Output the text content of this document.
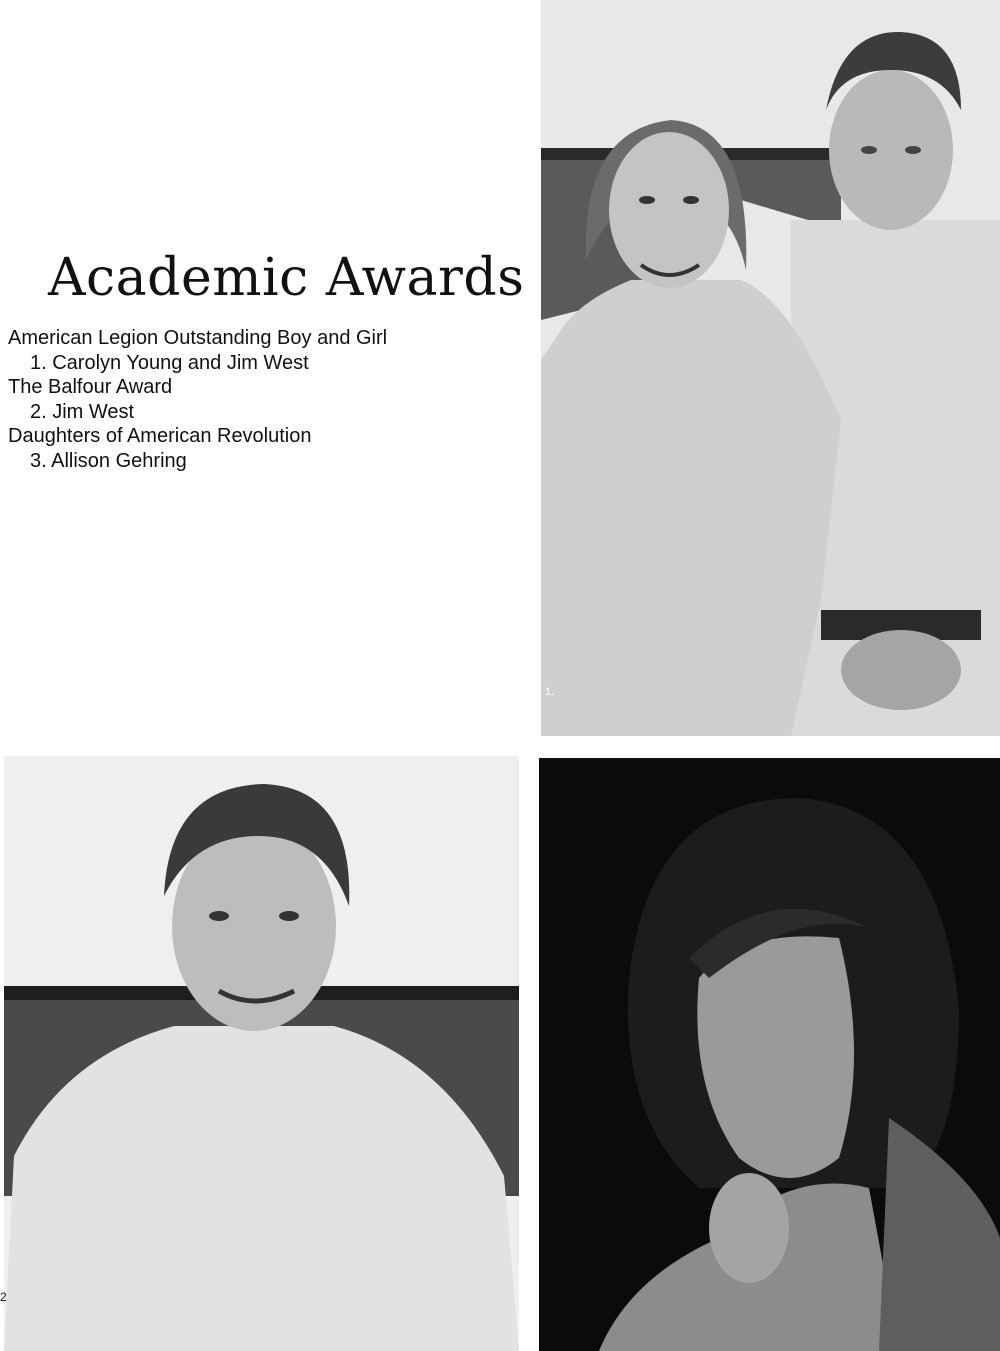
Academic Awards
American Legion Outstanding Boy and Girl
1. Carolyn Young and Jim West
The Balfour Award
2. Jim West
Daughters of American Revolution
3. Allison Gehring
1.
2
